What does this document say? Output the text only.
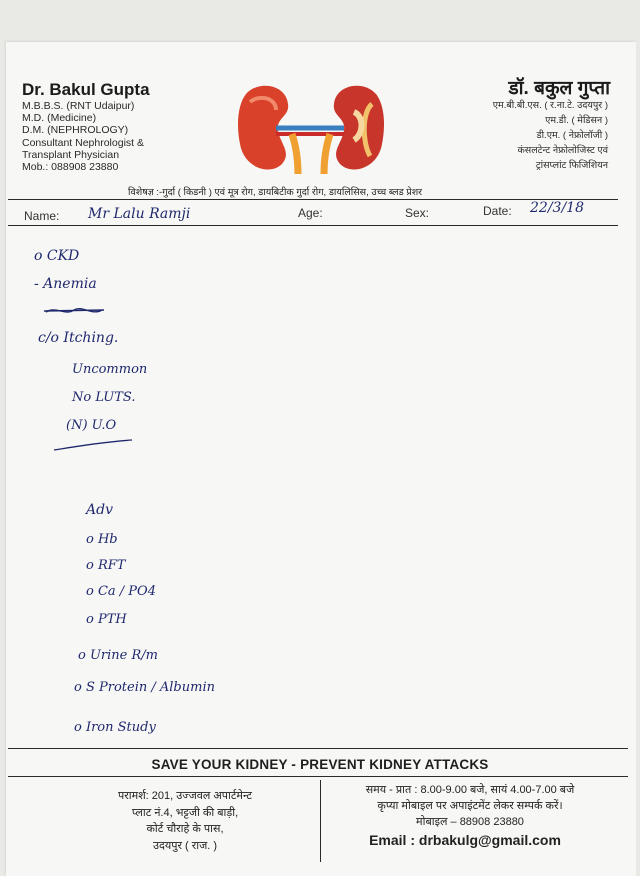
Dr. Bakul Gupta
M.B.B.S. (RNT Udaipur)
M.D. (Medicine)
D.M. (NEPHROLOGY)
Consultant Nephrologist &
Transplant Physician
Mob.: 088908 23880
डॉ. बकुल गुप्ता
एम.बी.बी.एस. ( र.ना.टे. उदयपुर )
एम.डी. ( मेडिसन )
डी.एम. ( नेफ्रोलॉजी )
कंसलटेन्ट नेफ्रोलोजिस्ट एवं
ट्रांसप्लांट फिजिशियन
विशेषज्ञ :-गुर्दा ( किडनी ) एवं मूत्र रोग, डायबिटीक गुर्दा रोग, डायलिसिस, उच्च ब्लड प्रेशर
Name: Mr Lalu Ramji	Age:	Sex:	Date: 22/3/18
o CKD
- Anemia
c/o Itching.
Uncommon
No LUTS.
(N) U.O
Adv
o Hb
o RFT
o Ca / PO4
o PTH
o Urine R/m
o S Protein / Albumin
o Iron Study
SAVE YOUR KIDNEY - PREVENT KIDNEY ATTACKS
परामर्श: 201, उज्जवल अपार्टमेन्ट
प्लाट नं.4, भट्टजी की बाड़ी,
कोर्ट चौराहे के पास,
उदयपुर ( राज. )
समय - प्रात : 8.00-9.00 बजे, सायं 4.00-7.00 बजे
कृप्या मोबाइल पर अपाइंटमेंट लेकर सम्पर्क करें।
मोबाइल – 88908 23880
Email : drbakulg@gmail.com
